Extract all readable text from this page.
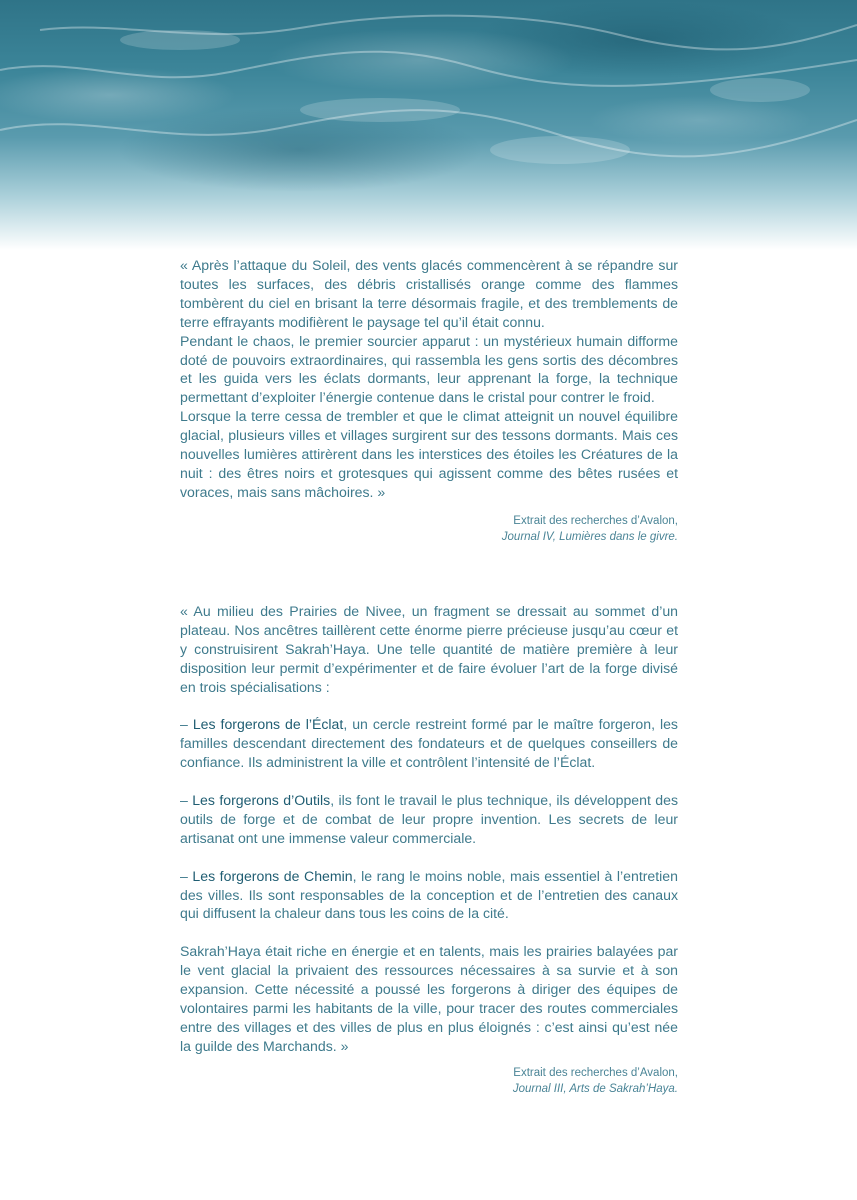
« Après l’attaque du Soleil, des vents glacés commencèrent à se répandre sur toutes les surfaces, des débris cristallisés orange comme des flammes tombèrent du ciel en brisant la terre désormais fragile, et des tremblements de terre effrayants modifièrent le paysage tel qu’il était connu.

Pendant le chaos, le premier sourcier apparut : un mystérieux humain difforme doté de pouvoirs extraordinaires, qui rassembla les gens sortis des décombres et les guida vers les éclats dormants, leur apprenant la forge, la technique permettant d’exploiter l’énergie contenue dans le cristal pour contrer le froid.

Lorsque la terre cessa de trembler et que le climat atteignit un nouvel équilibre glacial, plusieurs villes et villages surgirent sur des tessons dormants. Mais ces nouvelles lumières attirèrent dans les interstices des étoiles les Créatures de la nuit : des êtres noirs et grotesques qui agissent comme des bêtes rusées et voraces, mais sans mâchoires. »

Extrait des recherches d’Avalon,
Journal IV, Lumières dans le givre.

« Au milieu des Prairies de Nivee, un fragment se dressait au sommet d’un plateau. Nos ancêtres taillèrent cette énorme pierre précieuse jusqu’au cœur et y construisirent Sakrah’Haya. Une telle quantité de matière première à leur disposition leur permit d’expérimenter et de faire évoluer l’art de la forge divisé en trois spécialisations :

– Les forgerons de l’Éclat, un cercle restreint formé par le maître forgeron, les familles descendant directement des fondateurs et de quelques conseillers de confiance. Ils administrent la ville et contrôlent l’intensité de l’Éclat.

– Les forgerons d’Outils, ils font le travail le plus technique, ils développent des outils de forge et de combat de leur propre invention. Les secrets de leur artisanat ont une immense valeur commerciale.

– Les forgerons de Chemin, le rang le moins noble, mais essentiel à l’entretien des villes. Ils sont responsables de la conception et de l’entretien des canaux qui diffusent la chaleur dans tous les coins de la cité.

Sakrah’Haya était riche en énergie et en talents, mais les prairies balayées par le vent glacial la privaient des ressources nécessaires à sa survie et à son expansion. Cette nécessité a poussé les forgerons à diriger des équipes de volontaires parmi les habitants de la ville, pour tracer des routes commerciales entre des villages et des villes de plus en plus éloignés : c’est ainsi qu’est née la guilde des Marchands. »

Extrait des recherches d’Avalon,
Journal III, Arts de Sakrah’Haya.
